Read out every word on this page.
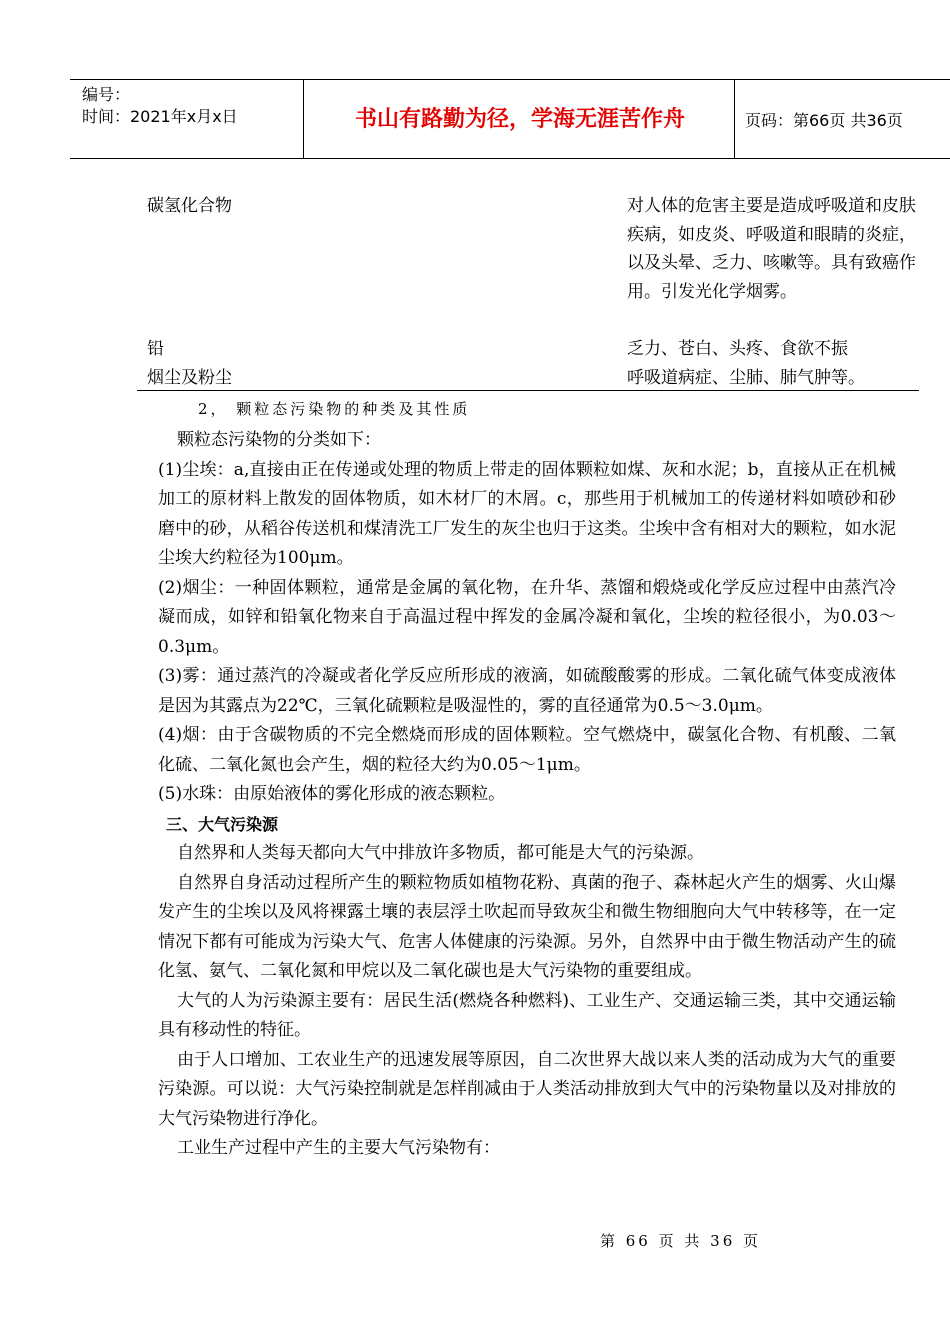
编号：
时间：2021年x月x日	书山有路勤为径，学海无涯苦作舟	页码：第66页 共36页
碳氢化合物
铅
烟尘及粉尘
对人体的危害主要是造成呼吸道和皮肤疾病，如皮炎、呼吸道和眼睛的炎症，以及头晕、乏力、咳嗽等。具有致癌作用。引发光化学烟雾。
乏力、苍白、头疼、食欲不振
呼吸道病症、尘肺、肺气肿等。
2， 颗粒态污染物的种类及其性质

颗粒态污染物的分类如下：

(1)尘埃：a,直接由正在传递或处理的物质上带走的固体颗粒如煤、灰和水泥；b，直接从正在机械加工的原材料上散发的固体物质，如木材厂的木屑。c，那些用于机械加工的传递材料如喷砂和砂磨中的砂，从稻谷传送机和煤清洗工厂发生的灰尘也归于这类。尘埃中含有相对大的颗粒，如水泥尘埃大约粒径为100μm。

(2)烟尘：一种固体颗粒，通常是金属的氧化物，在升华、蒸馏和煅烧或化学反应过程中由蒸汽冷凝而成，如锌和铅氧化物来自于高温过程中挥发的金属冷凝和氧化，尘埃的粒径很小，为0.03～0.3μm。

(3)雾：通过蒸汽的冷凝或者化学反应所形成的液滴，如硫酸酸雾的形成。二氧化硫气体变成液体是因为其露点为22℃，三氧化硫颗粒是吸湿性的，雾的直径通常为0.5～3.0μm。

(4)烟：由于含碳物质的不完全燃烧而形成的固体颗粒。空气燃烧中，碳氢化合物、有机酸、二氧化硫、二氧化氮也会产生，烟的粒径大约为0.05～1μm。

(5)水珠：由原始液体的雾化形成的液态颗粒。

三、大气污染源

自然界和人类每天都向大气中排放许多物质，都可能是大气的污染源。

自然界自身活动过程所产生的颗粒物质如植物花粉、真菌的孢子、森林起火产生的烟雾、火山爆发产生的尘埃以及风将裸露土壤的表层浮土吹起而导致灰尘和微生物细胞向大气中转移等，在一定情况下都有可能成为污染大气、危害人体健康的污染源。另外，自然界中由于微生物活动产生的硫化氢、氨气、二氧化氮和甲烷以及二氧化碳也是大气污染物的重要组成。

大气的人为污染源主要有：居民生活(燃烧各种燃料)、工业生产、交通运输三类，其中交通运输具有移动性的特征。

由于人口增加、工农业生产的迅速发展等原因，自二次世界大战以来人类的活动成为大气的重要污染源。可以说：大气污染控制就是怎样削减由于人类活动排放到大气中的污染物量以及对排放的大气污染物进行净化。

工业生产过程中产生的主要大气污染物有：

第 66 页 共 36 页
